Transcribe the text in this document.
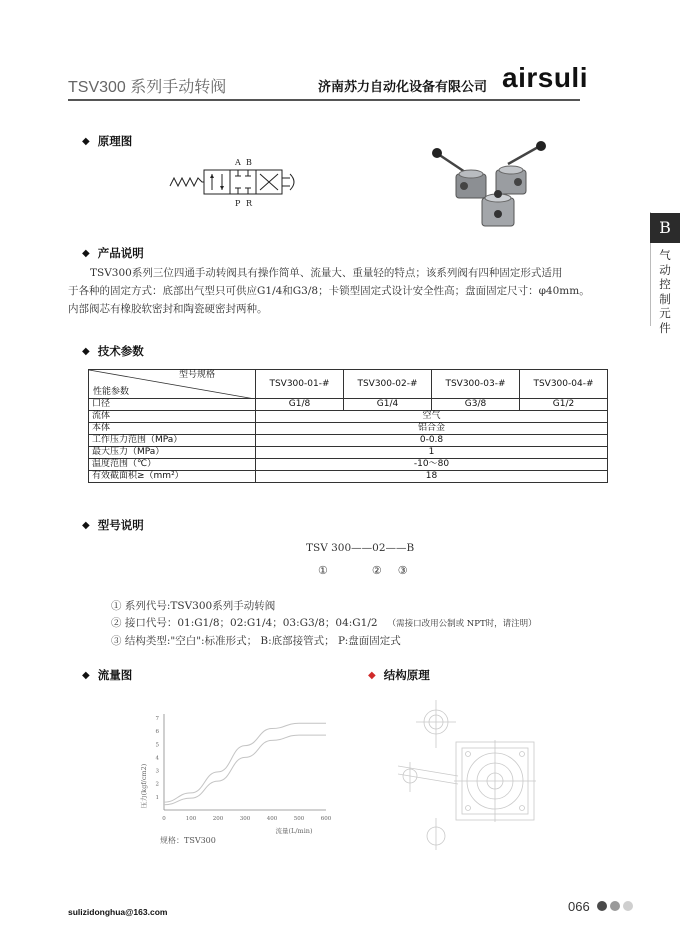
TSV300 系列手动转阀	济南苏力自动化设备有限公司 airsuli
B
气动控制元件
◆ 原理图
A B
P R
◆ 产品说明

TSV300系列三位四通手动转阀具有操作简单、流量大、重量轻的特点；该系列阀有四种固定形式适用

于各种的固定方式：底部出气型只可供应G1/4和G3/8；卡锁型固定式设计安全性高；盘面固定尺寸：φ40mm。

内部阀芯有橡胶软密封和陶瓷硬密封两种。

◆ 技术参数
型号规格
性能参数	TSV300-01-#	TSV300-02-#	TSV300-03-#	TSV300-04-#

口径	G1/8	G1/4	G3/8	G1/2
流体	空气			
本体	铝合金			
工作压力范围（MPa）	0-0.8			
最大压力（MPa）	1			
温度范围（℃）	-10～80			
有效截面积≥（mm²）	18			
◆ 型号说明
TSV 300——02——B
①	② ③
① 系列代号:TSV300系列手动转阀
② 接口代号：01:G1/8；02:G1/4；03:G3/8；04:G1/2 （需接口改用公制或 NPT时，请注明）
③ 结构类型:"空白":标准形式； B:底部接管式； P:盘面固定式
◆ 流量图	◆ 结构原理
0	100	200	300	400	500	600
1
2
3
4
5
6
7
压力(kgf/cm2)
流量(L/min)
规格：TSV300
sulizidonghua@163.com	066
